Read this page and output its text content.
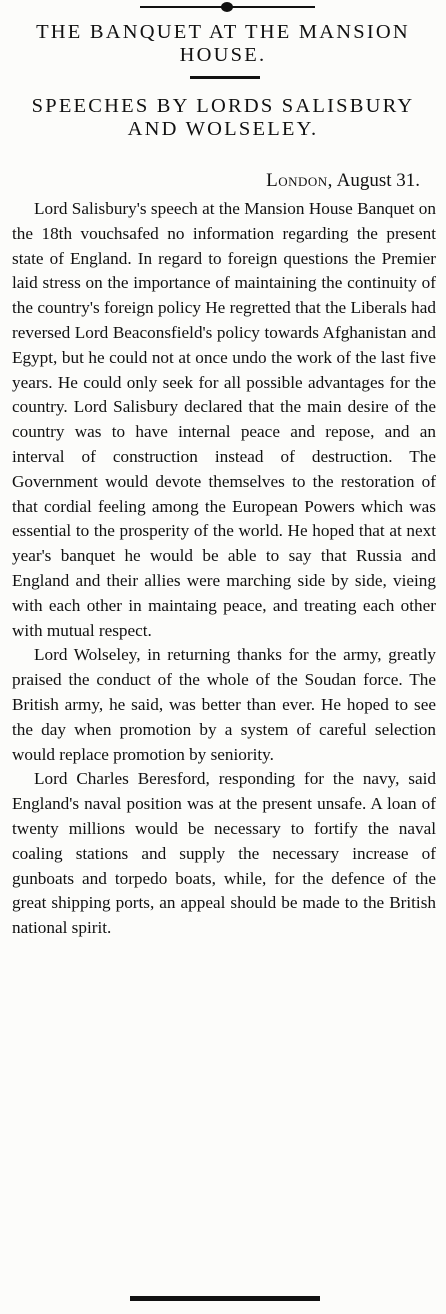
THE BANQUET AT THE MANSION HOUSE.
SPEECHES BY LORDS SALISBURY AND WOLSELEY.
London, August 31.

Lord Salisbury's speech at the Mansion House Banquet on the 18th vouchsafed no information regarding the present state of England. In regard to foreign questions the Premier laid stress on the importance of maintaining the continuity of the country's foreign policy He regretted that the Liberals had reversed Lord Beaconsfield's policy towards Afghanistan and Egypt, but he could not at once undo the work of the last five years. He could only seek for all possible advantages for the country. Lord Salisbury declared that the main desire of the country was to have internal peace and repose, and an interval of construction instead of destruction. The Government would devote themselves to the restoration of that cordial feeling among the European Powers which was essential to the prosperity of the world. He hoped that at next year's banquet he would be able to say that Russia and England and their allies were marching side by side, vieing with each other in maintaing peace, and treating each other with mutual respect.

Lord Wolseley, in returning thanks for the army, greatly praised the conduct of the whole of the Soudan force. The British army, he said, was better than ever. He hoped to see the day when promotion by a system of careful selection would replace promotion by seniority.

Lord Charles Beresford, responding for the navy, said England's naval position was at the present unsafe. A loan of twenty millions would be necessary to fortify the naval coaling stations and supply the necessary increase of gunboats and torpedo boats, while, for the defence of the great shipping ports, an appeal should be made to the British national spirit.
